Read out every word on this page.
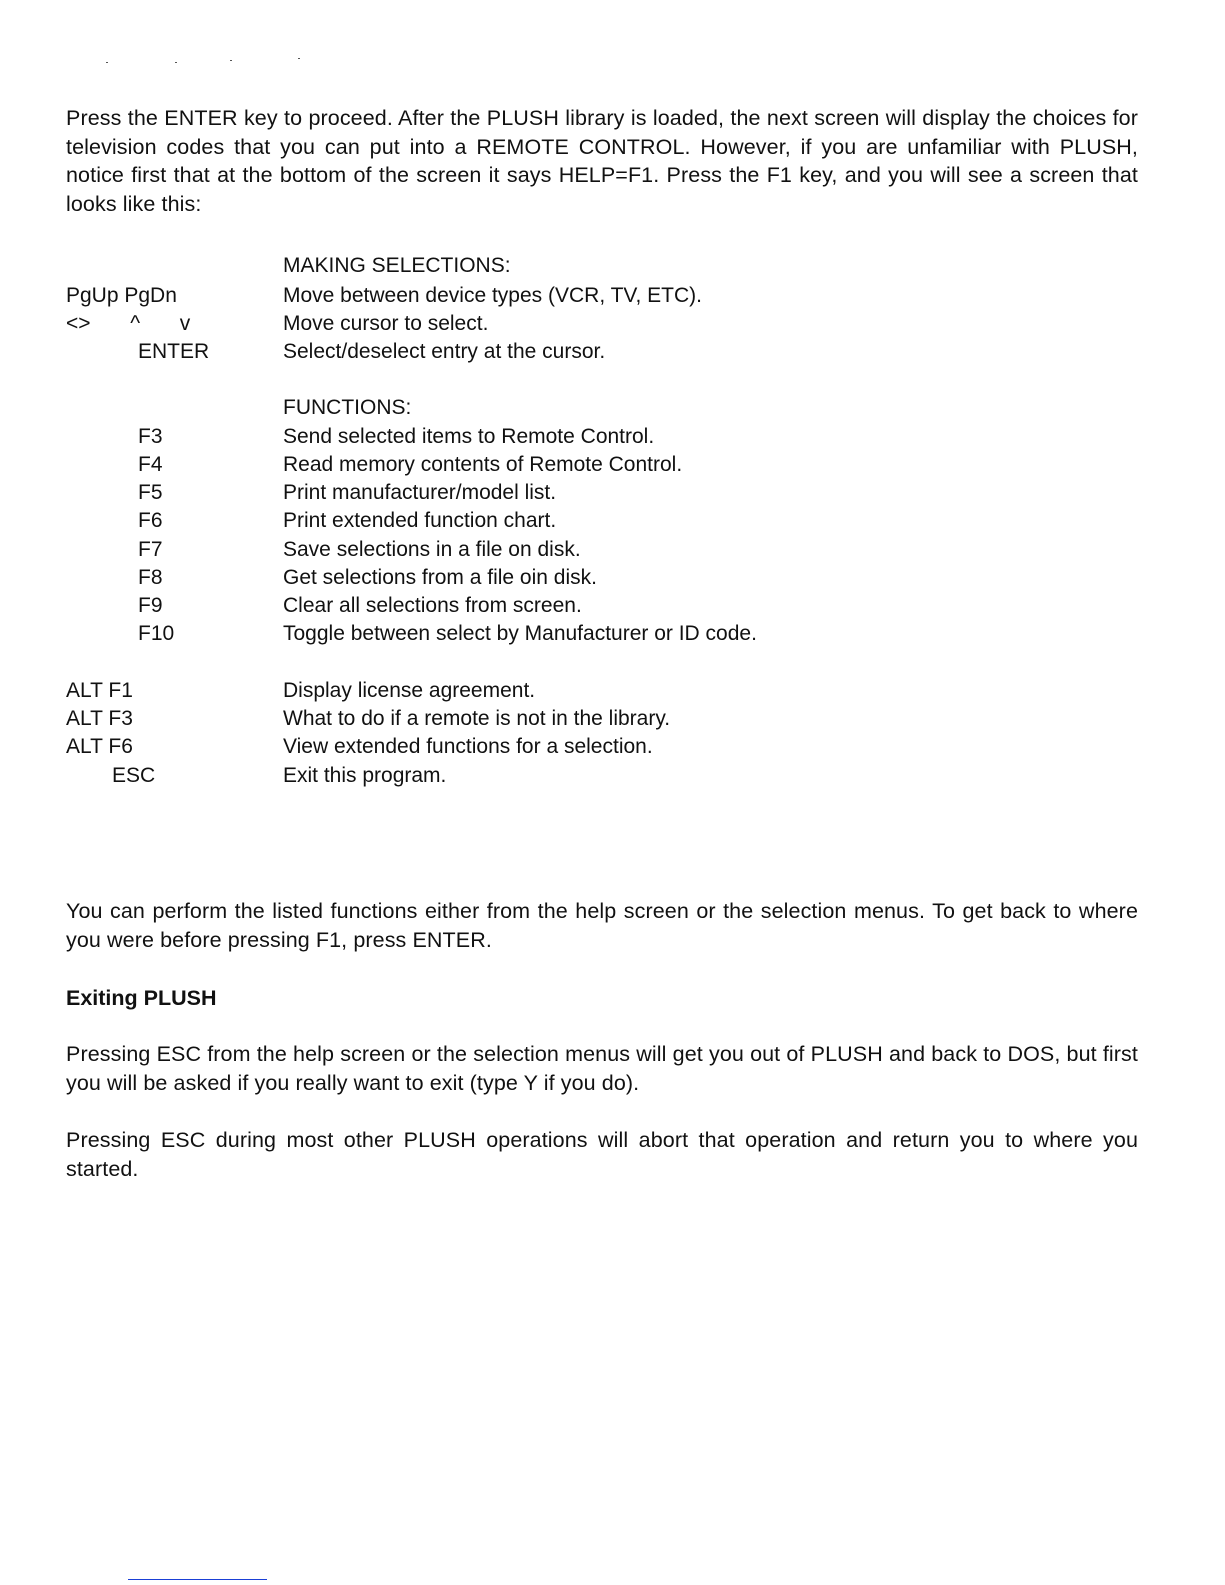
Press the ENTER key to proceed. After the PLUSH library is loaded, the next screen will display the choices for television codes that you can put into a REMOTE CONTROL. However, if you are unfamiliar with PLUSH, notice first that at the bottom of the screen it says HELP=F1. Press the F1 key, and you will see a screen that looks like this:

MAKING SELECTIONS:
PgUp PgDn	Move between device types (VCR, TV, ETC).
<>  ^  v	Move cursor to select.
ENTER	Select/deselect entry at the cursor.
FUNCTIONS:
F3	Send selected items to Remote Control.
F4	Read memory contents of Remote Control.
F5	Print manufacturer/model list.
F6	Print extended function chart.
F7	Save selections in a file on disk.
F8	Get selections from a file oin disk.
F9	Clear all selections from screen.
F10	Toggle between select by Manufacturer or ID code.
ALT F1	Display license agreement.
ALT F3	What to do if a remote is not in the library.
ALT F6	View extended functions for a selection.
ESC	Exit this program.

You can perform the listed functions either from the help screen or the selection menus. To get back to where you were before pressing F1, press ENTER.

Exiting PLUSH

Pressing ESC from the help screen or the selection menus will get you out of PLUSH and back to DOS, but first you will be asked if you really want to exit (type Y if you do).

Pressing ESC during most other PLUSH operations will abort that operation and return you to where you started.
